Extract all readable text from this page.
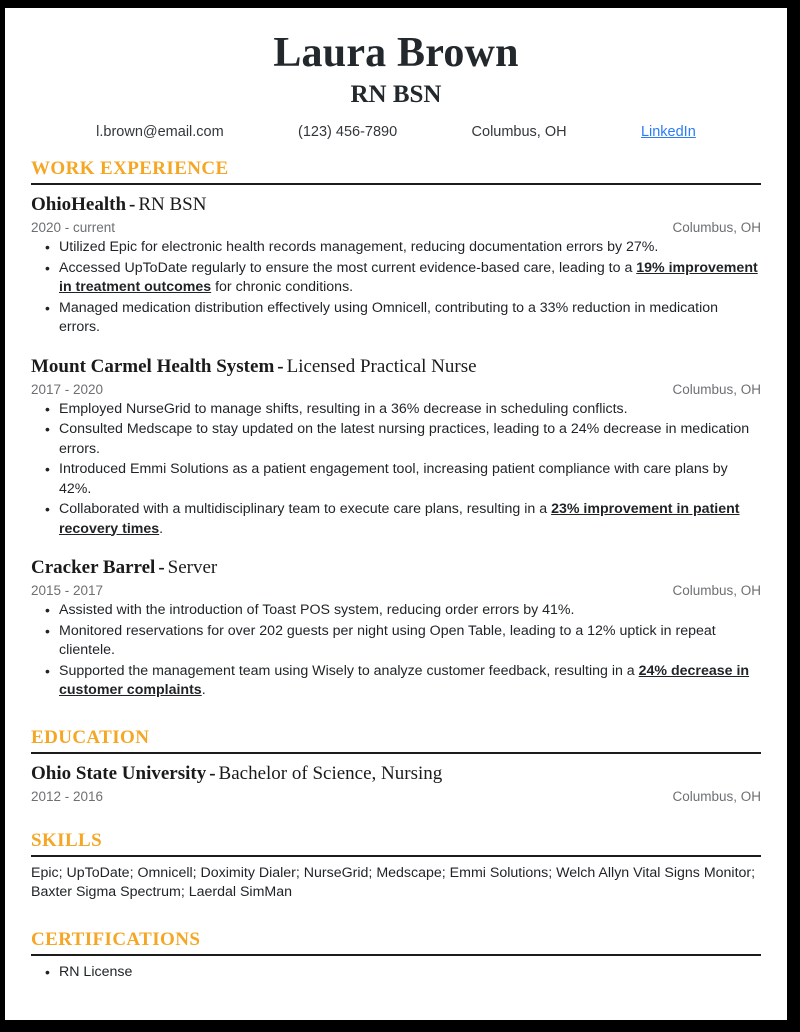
Laura Brown
RN BSN
l.brown@email.com	(123) 456-7890	Columbus, OH	LinkedIn
WORK EXPERIENCE
OhioHealth - RN BSN
2020 - current	Columbus, OH
• Utilized Epic for electronic health records management, reducing documentation errors by 27%.
• Accessed UpToDate regularly to ensure the most current evidence-based care, leading to a 19% improvement in treatment outcomes for chronic conditions.
• Managed medication distribution effectively using Omnicell, contributing to a 33% reduction in medication errors.
Mount Carmel Health System - Licensed Practical Nurse
2017 - 2020	Columbus, OH
• Employed NurseGrid to manage shifts, resulting in a 36% decrease in scheduling conflicts.
• Consulted Medscape to stay updated on the latest nursing practices, leading to a 24% decrease in medication errors.
• Introduced Emmi Solutions as a patient engagement tool, increasing patient compliance with care plans by 42%.
• Collaborated with a multidisciplinary team to execute care plans, resulting in a 23% improvement in patient recovery times.
Cracker Barrel - Server
2015 - 2017	Columbus, OH
• Assisted with the introduction of Toast POS system, reducing order errors by 41%.
• Monitored reservations for over 202 guests per night using Open Table, leading to a 12% uptick in repeat clientele.
• Supported the management team using Wisely to analyze customer feedback, resulting in a 24% decrease in customer complaints.
EDUCATION
Ohio State University - Bachelor of Science, Nursing
2012 - 2016	Columbus, OH
SKILLS
Epic; UpToDate; Omnicell; Doximity Dialer; NurseGrid; Medscape; Emmi Solutions; Welch Allyn Vital Signs Monitor; Baxter Sigma Spectrum; Laerdal SimMan
CERTIFICATIONS
• RN License
